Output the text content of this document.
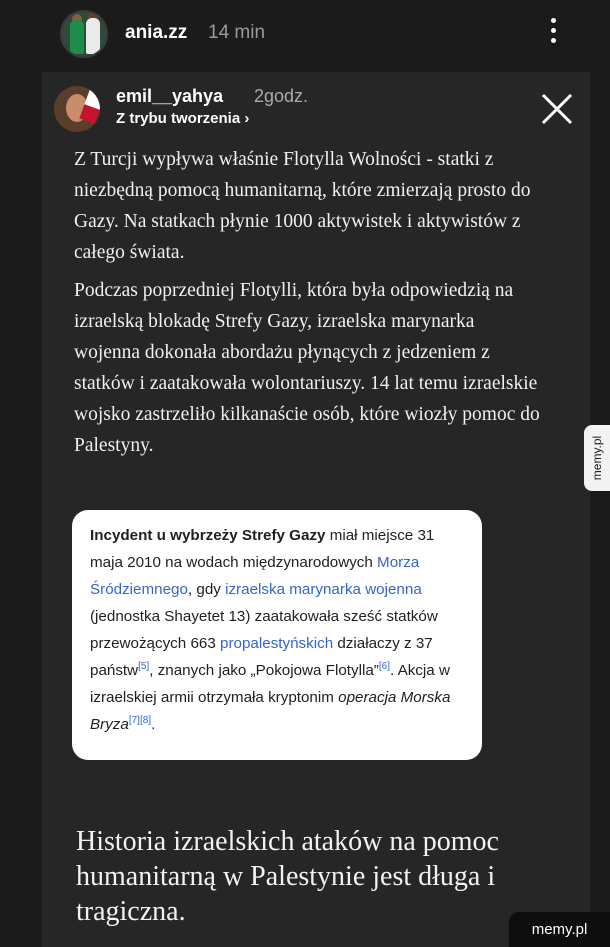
ania.zz 14 min
emil__yahya 2godz.
Z trybu tworzenia ›
Z Turcji wypływa właśnie Flotylla Wolności - statki z niezbędną pomocą humanitarną, które zmierzają prosto do Gazy. Na statkach płynie 1000 aktywistek i aktywistów z całego świata.
Podczas poprzedniej Flotylli, która była odpowiedzią na izraelską blokadę Strefy Gazy, izraelska marynarka wojenna dokonała abordażu płynących z jedzeniem z statków i zaatakowała wolontariuszy. 14 lat temu izraelskie wojsko zastrzeliło kilkanaście osób, które wiozły pomoc do Palestyny.
Incydent u wybrzeży Strefy Gazy miał miejsce 31 maja 2010 na wodach międzynarodowych Morza Śródziemnego, gdy izraelska marynarka wojenna (jednostka Shayetet 13) zaatakowała sześć statków przewożących 663 propalestyńskich działaczy z 37 państw[5], znanych jako „Pokojowa Flotylla”[6]. Akcja w izraelskiej armii otrzymała kryptonim operacja Morska Bryza[7][8].
Historia izraelskich ataków na pomoc humanitarną w Palestynie jest długa i tragiczna.
memy.pl
memy.pl
